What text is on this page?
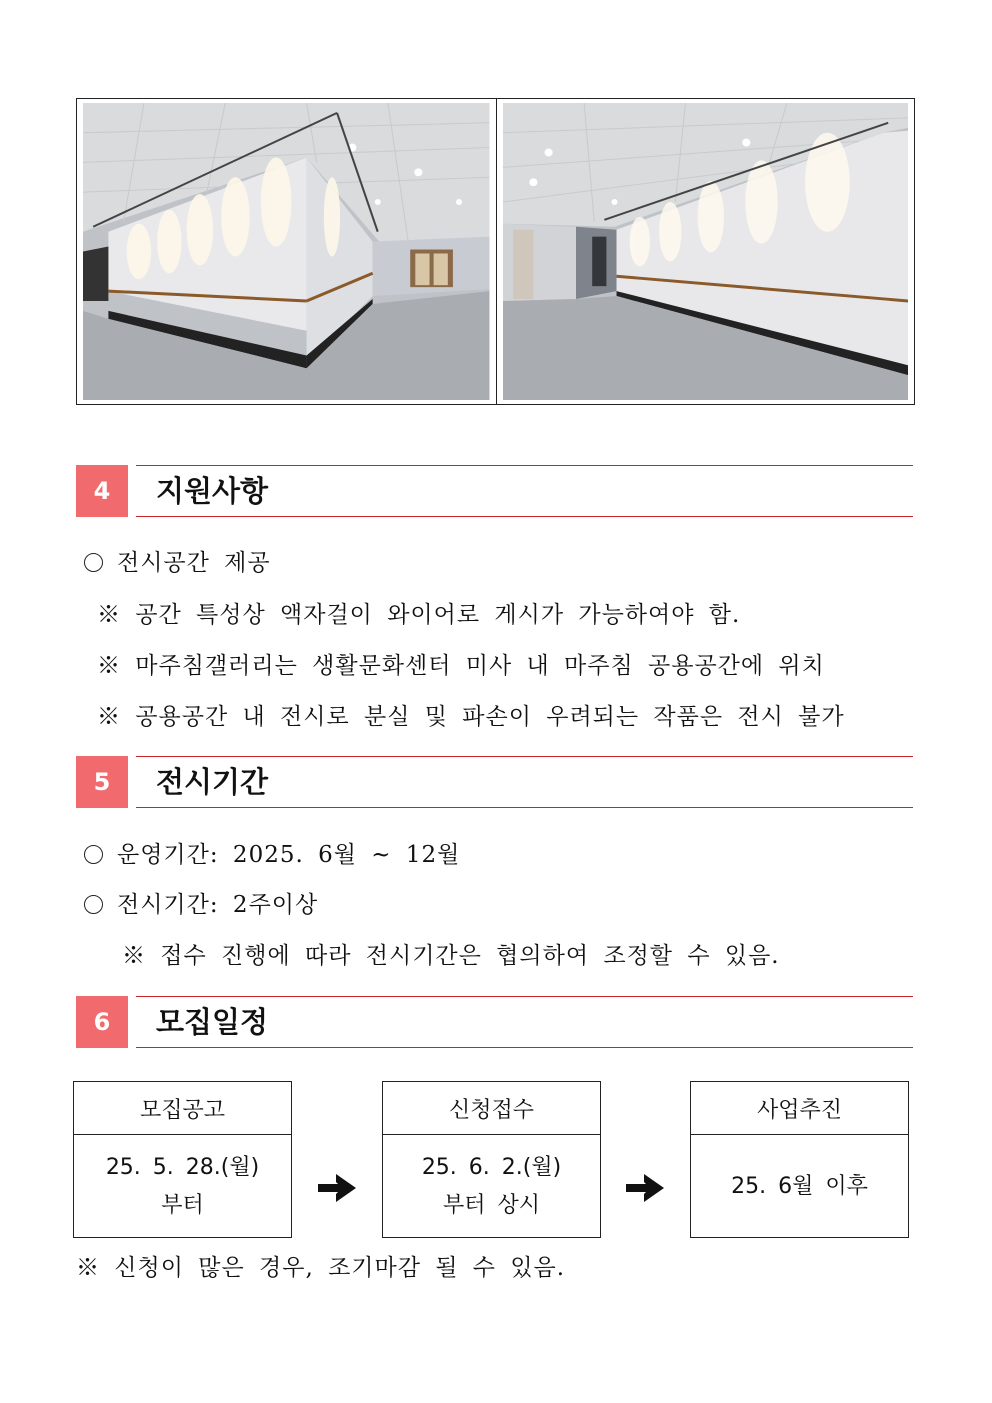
4	지원사항
전시공간 제공
※ 공간 특성상 액자걸이 와이어로 게시가 가능하여야 함.
※ 마주침갤러리는 생활문화센터 미사 내 마주침 공용공간에 위치
※ 공용공간 내 전시로 분실 및 파손이 우려되는 작품은 전시 불가
5	전시기간
운영기간: 2025. 6월 ~ 12월
전시기간: 2주이상
※ 접수 진행에 따라 전시기간은 협의하여 조정할 수 있음.
6	모집일정
모집공고
25. 5. 28.(월)
부터
신청접수
25. 6. 2.(월)
부터 상시
사업추진
25. 6월 이후
※ 신청이 많은 경우, 조기마감 될 수 있음.
